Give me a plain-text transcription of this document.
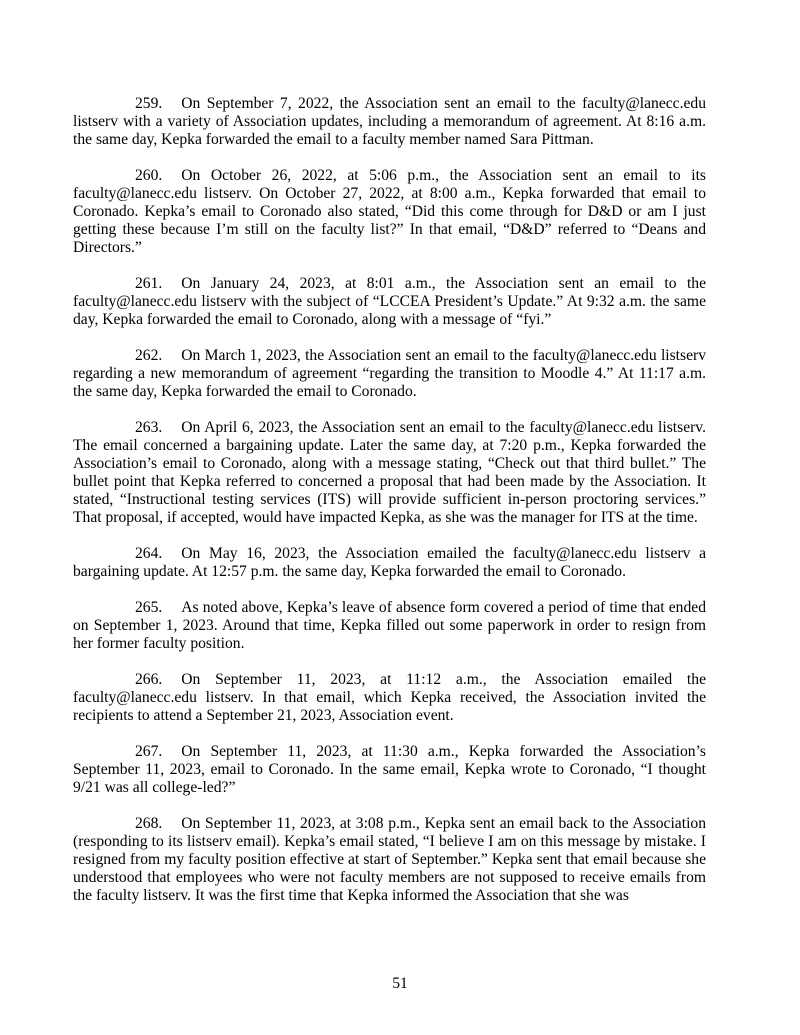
259. On September 7, 2022, the Association sent an email to the faculty@lanecc.edu listserv with a variety of Association updates, including a memorandum of agreement. At 8:16 a.m. the same day, Kepka forwarded the email to a faculty member named Sara Pittman.

260. On October 26, 2022, at 5:06 p.m., the Association sent an email to its faculty@lanecc.edu listserv. On October 27, 2022, at 8:00 a.m., Kepka forwarded that email to Coronado. Kepka’s email to Coronado also stated, “Did this come through for D&D or am I just getting these because I’m still on the faculty list?” In that email, “D&D” referred to “Deans and Directors.”

261. On January 24, 2023, at 8:01 a.m., the Association sent an email to the faculty@lanecc.edu listserv with the subject of “LCCEA President’s Update.” At 9:32 a.m. the same day, Kepka forwarded the email to Coronado, along with a message of “fyi.”

262. On March 1, 2023, the Association sent an email to the faculty@lanecc.edu listserv regarding a new memorandum of agreement “regarding the transition to Moodle 4.” At 11:17 a.m. the same day, Kepka forwarded the email to Coronado.

263. On April 6, 2023, the Association sent an email to the faculty@lanecc.edu listserv. The email concerned a bargaining update. Later the same day, at 7:20 p.m., Kepka forwarded the Association’s email to Coronado, along with a message stating, “Check out that third bullet.” The bullet point that Kepka referred to concerned a proposal that had been made by the Association. It stated, “Instructional testing services (ITS) will provide sufficient in-person proctoring services.” That proposal, if accepted, would have impacted Kepka, as she was the manager for ITS at the time.

264. On May 16, 2023, the Association emailed the faculty@lanecc.edu listserv a bargaining update. At 12:57 p.m. the same day, Kepka forwarded the email to Coronado.

265. As noted above, Kepka’s leave of absence form covered a period of time that ended on September 1, 2023. Around that time, Kepka filled out some paperwork in order to resign from her former faculty position.

266. On September 11, 2023, at 11:12 a.m., the Association emailed the faculty@lanecc.edu listserv. In that email, which Kepka received, the Association invited the recipients to attend a September 21, 2023, Association event.

267. On September 11, 2023, at 11:30 a.m., Kepka forwarded the Association’s September 11, 2023, email to Coronado. In the same email, Kepka wrote to Coronado, “I thought 9/21 was all college-led?”

268. On September 11, 2023, at 3:08 p.m., Kepka sent an email back to the Association (responding to its listserv email). Kepka’s email stated, “I believe I am on this message by mistake. I resigned from my faculty position effective at start of September.” Kepka sent that email because she understood that employees who were not faculty members are not supposed to receive emails from the faculty listserv. It was the first time that Kepka informed the Association that she was

51
